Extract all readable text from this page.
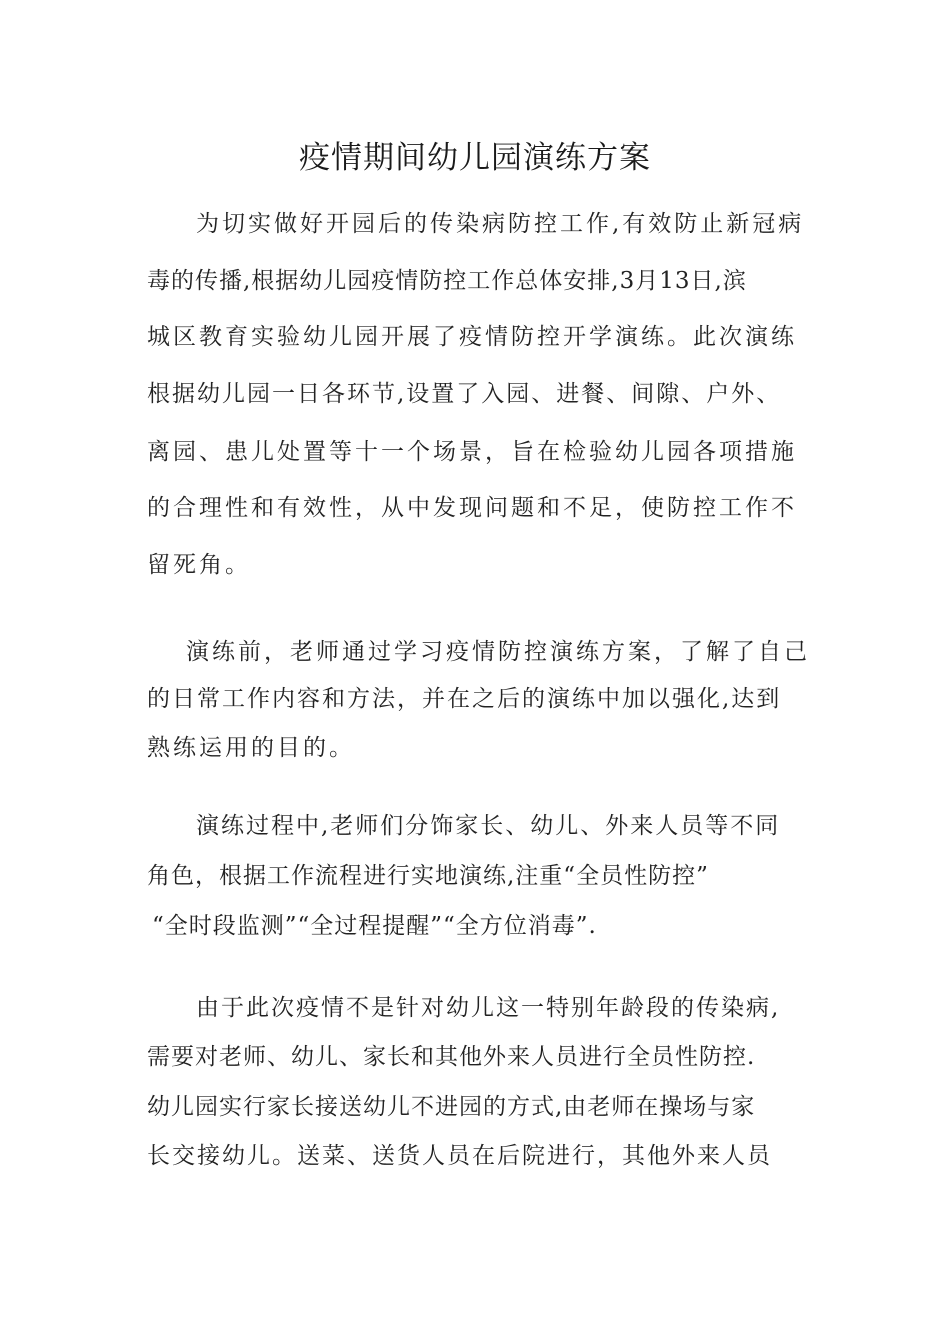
疫情期间幼儿园演练方案

为切实做好开园后的传染病防控工作,有效防止新冠病

毒的传播,根据幼儿园疫情防控工作总体安排,3月13日,滨

城区教育实验幼儿园开展了疫情防控开学演练。此次演练

根据幼儿园一日各环节,设置了入园、进餐、间隙、户外、

离园、患儿处置等十一个场景，旨在检验幼儿园各项措施

的合理性和有效性，从中发现问题和不足，使防控工作不

留死角。

演练前，老师通过学习疫情防控演练方案，了解了自己

的日常工作内容和方法，并在之后的演练中加以强化,达到

熟练运用的目的。

演练过程中,老师们分饰家长、幼儿、外来人员等不同

角色，根据工作流程进行实地演练,注重“全员性防控”

“全时段监测”“全过程提醒”“全方位消毒”.

由于此次疫情不是针对幼儿这一特别年龄段的传染病,

需要对老师、幼儿、家长和其他外来人员进行全员性防控.

幼儿园实行家长接送幼儿不进园的方式,由老师在操场与家

长交接幼儿。送菜、送货人员在后院进行，其他外来人员
